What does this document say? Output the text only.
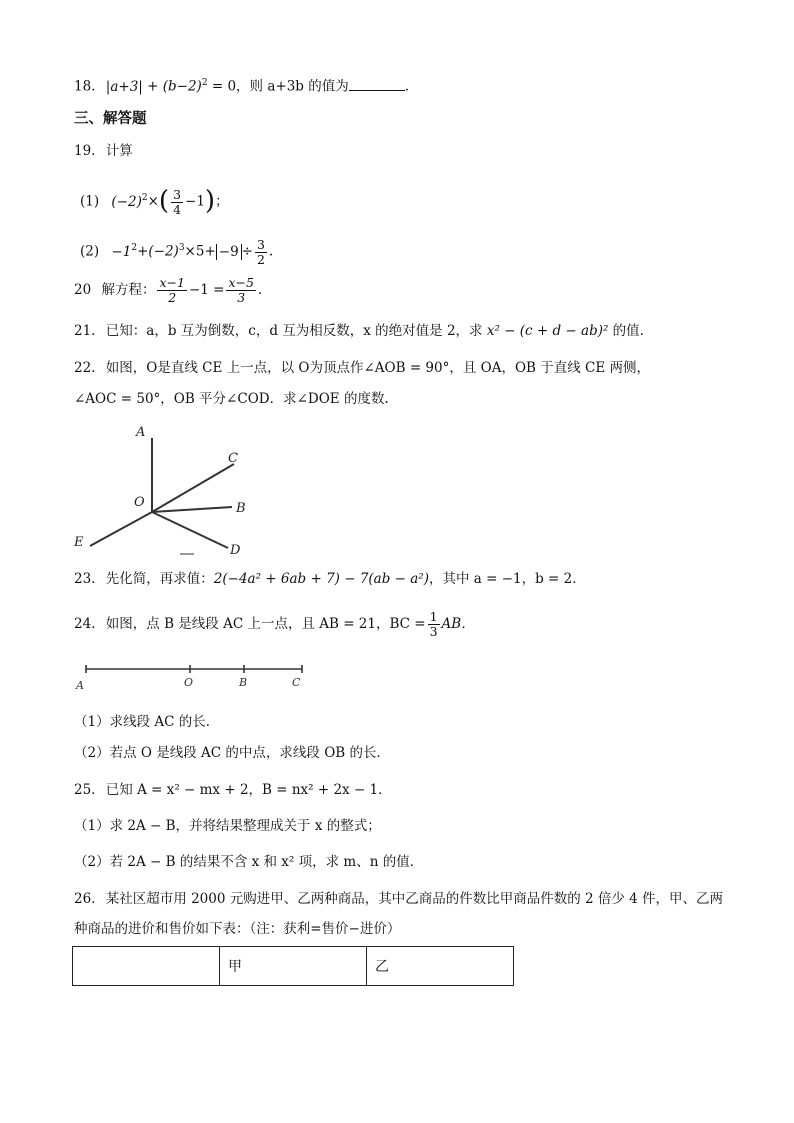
18. $|a+3| + (b-2)^2 = 0$，则 a+3b 的值为	.
三、解答题
19. 计算
(1) $(-2)^2\times( \frac{3}{4} -1)$；
$(2) -1^2+(-2)^3\times 5+ -9 \div \frac{3}{2}$ .
20 解方程： $\frac{x-1}{2} -1 = \frac{x-5}{3}$ .
21. 已知：a，b 互为倒数，c，d 互为相反数，x 的绝对值是 2，求 x² − (c + d − ab)² 的值.
22. 如图，O是直线 CE 上一点，以 O为顶点作∠AOB = 90°，且 OA，OB 于直线 CE 两侧，
∠AOC = 50°，OB 平分∠COD．求∠DOE 的度数.
A
C
O	B
E
D
23. 先化简，再求值：2(−4a² + 6ab + 7) − 7(ab − a²)，其中 a = −1，b = 2．
24. 如图，点 B 是线段 AC 上一点，且 AB = 21，BC = $\frac{1}{3}$ AB．
A	O	B	C
（1）求线段 AC 的长．
（2）若点 O 是线段 AC 的中点，求线段 OB 的长．
25. 已知 A = x² − mx + 2，B = nx² + 2x − 1．
（1）求 2A − B，并将结果整理成关于 x 的整式；
（2）若 2A − B 的结果不含 x 和 x² 项，求 m、n 的值．
26. 某社区超市用 2000 元购进甲、乙两种商品，其中乙商品的件数比甲商品件数的 2 倍少 4 件，甲、乙两
种商品的进价和售价如下表：（注：获利=售价−进价）
	甲	乙
